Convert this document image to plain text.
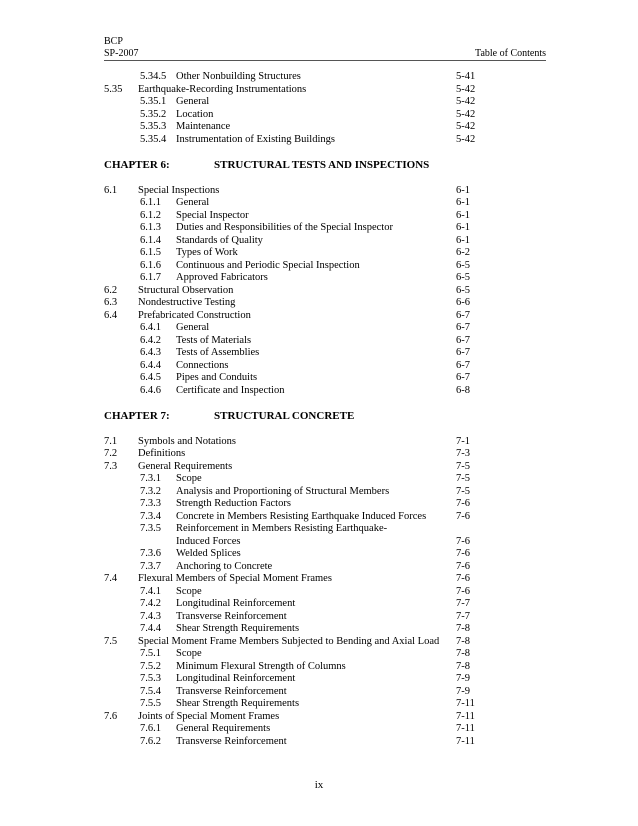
BCP
SP-2007	Table of Contents
5.34.5 Other Nonbuilding Structures	5-41
5.35 Earthquake-Recording Instrumentations	5-42
5.35.1 General	5-42
5.35.2 Location	5-42
5.35.3 Maintenance	5-42
5.35.4 Instrumentation of Existing Buildings	5-42
CHAPTER 6:	STRUCTURAL TESTS AND INSPECTIONS
6.1 Special Inspections	6-1
6.1.1 General	6-1
6.1.2 Special Inspector	6-1
6.1.3 Duties and Responsibilities of the Special Inspector	6-1
6.1.4 Standards of Quality	6-1
6.1.5 Types of Work	6-2
6.1.6 Continuous and Periodic Special Inspection	6-5
6.1.7 Approved Fabricators	6-5
6.2 Structural Observation	6-5
6.3 Nondestructive Testing	6-6
6.4 Prefabricated Construction	6-7
6.4.1 General	6-7
6.4.2 Tests of Materials	6-7
6.4.3 Tests of Assemblies	6-7
6.4.4 Connections	6-7
6.4.5 Pipes and Conduits	6-7
6.4.6 Certificate and Inspection	6-8
CHAPTER 7:	STRUCTURAL CONCRETE
7.1 Symbols and Notations	7-1
7.2 Definitions	7-3
7.3 General Requirements	7-5
7.3.1 Scope	7-5
7.3.2 Analysis and Proportioning of Structural Members	7-5
7.3.3 Strength Reduction Factors	7-6
7.3.4 Concrete in Members Resisting Earthquake Induced Forces	7-6
7.3.5 Reinforcement in Members Resisting Earthquake-
Induced Forces	7-6
7.3.6 Welded Splices	7-6
7.3.7 Anchoring to Concrete	7-6
7.4 Flexural Members of Special Moment Frames	7-6
7.4.1 Scope	7-6
7.4.2 Longitudinal Reinforcement	7-7
7.4.3 Transverse Reinforcement	7-7
7.4.4 Shear Strength Requirements	7-8
7.5 Special Moment Frame Members Subjected to Bending and Axial Load 7-8
7.5.1 Scope	7-8
7.5.2 Minimum Flexural Strength of Columns	7-8
7.5.3 Longitudinal Reinforcement	7-9
7.5.4 Transverse Reinforcement	7-9
7.5.5 Shear Strength Requirements	7-11
7.6 Joints of Special Moment Frames	7-11
7.6.1 General Requirements	7-11
7.6.2 Transverse Reinforcement	7-11
ix
